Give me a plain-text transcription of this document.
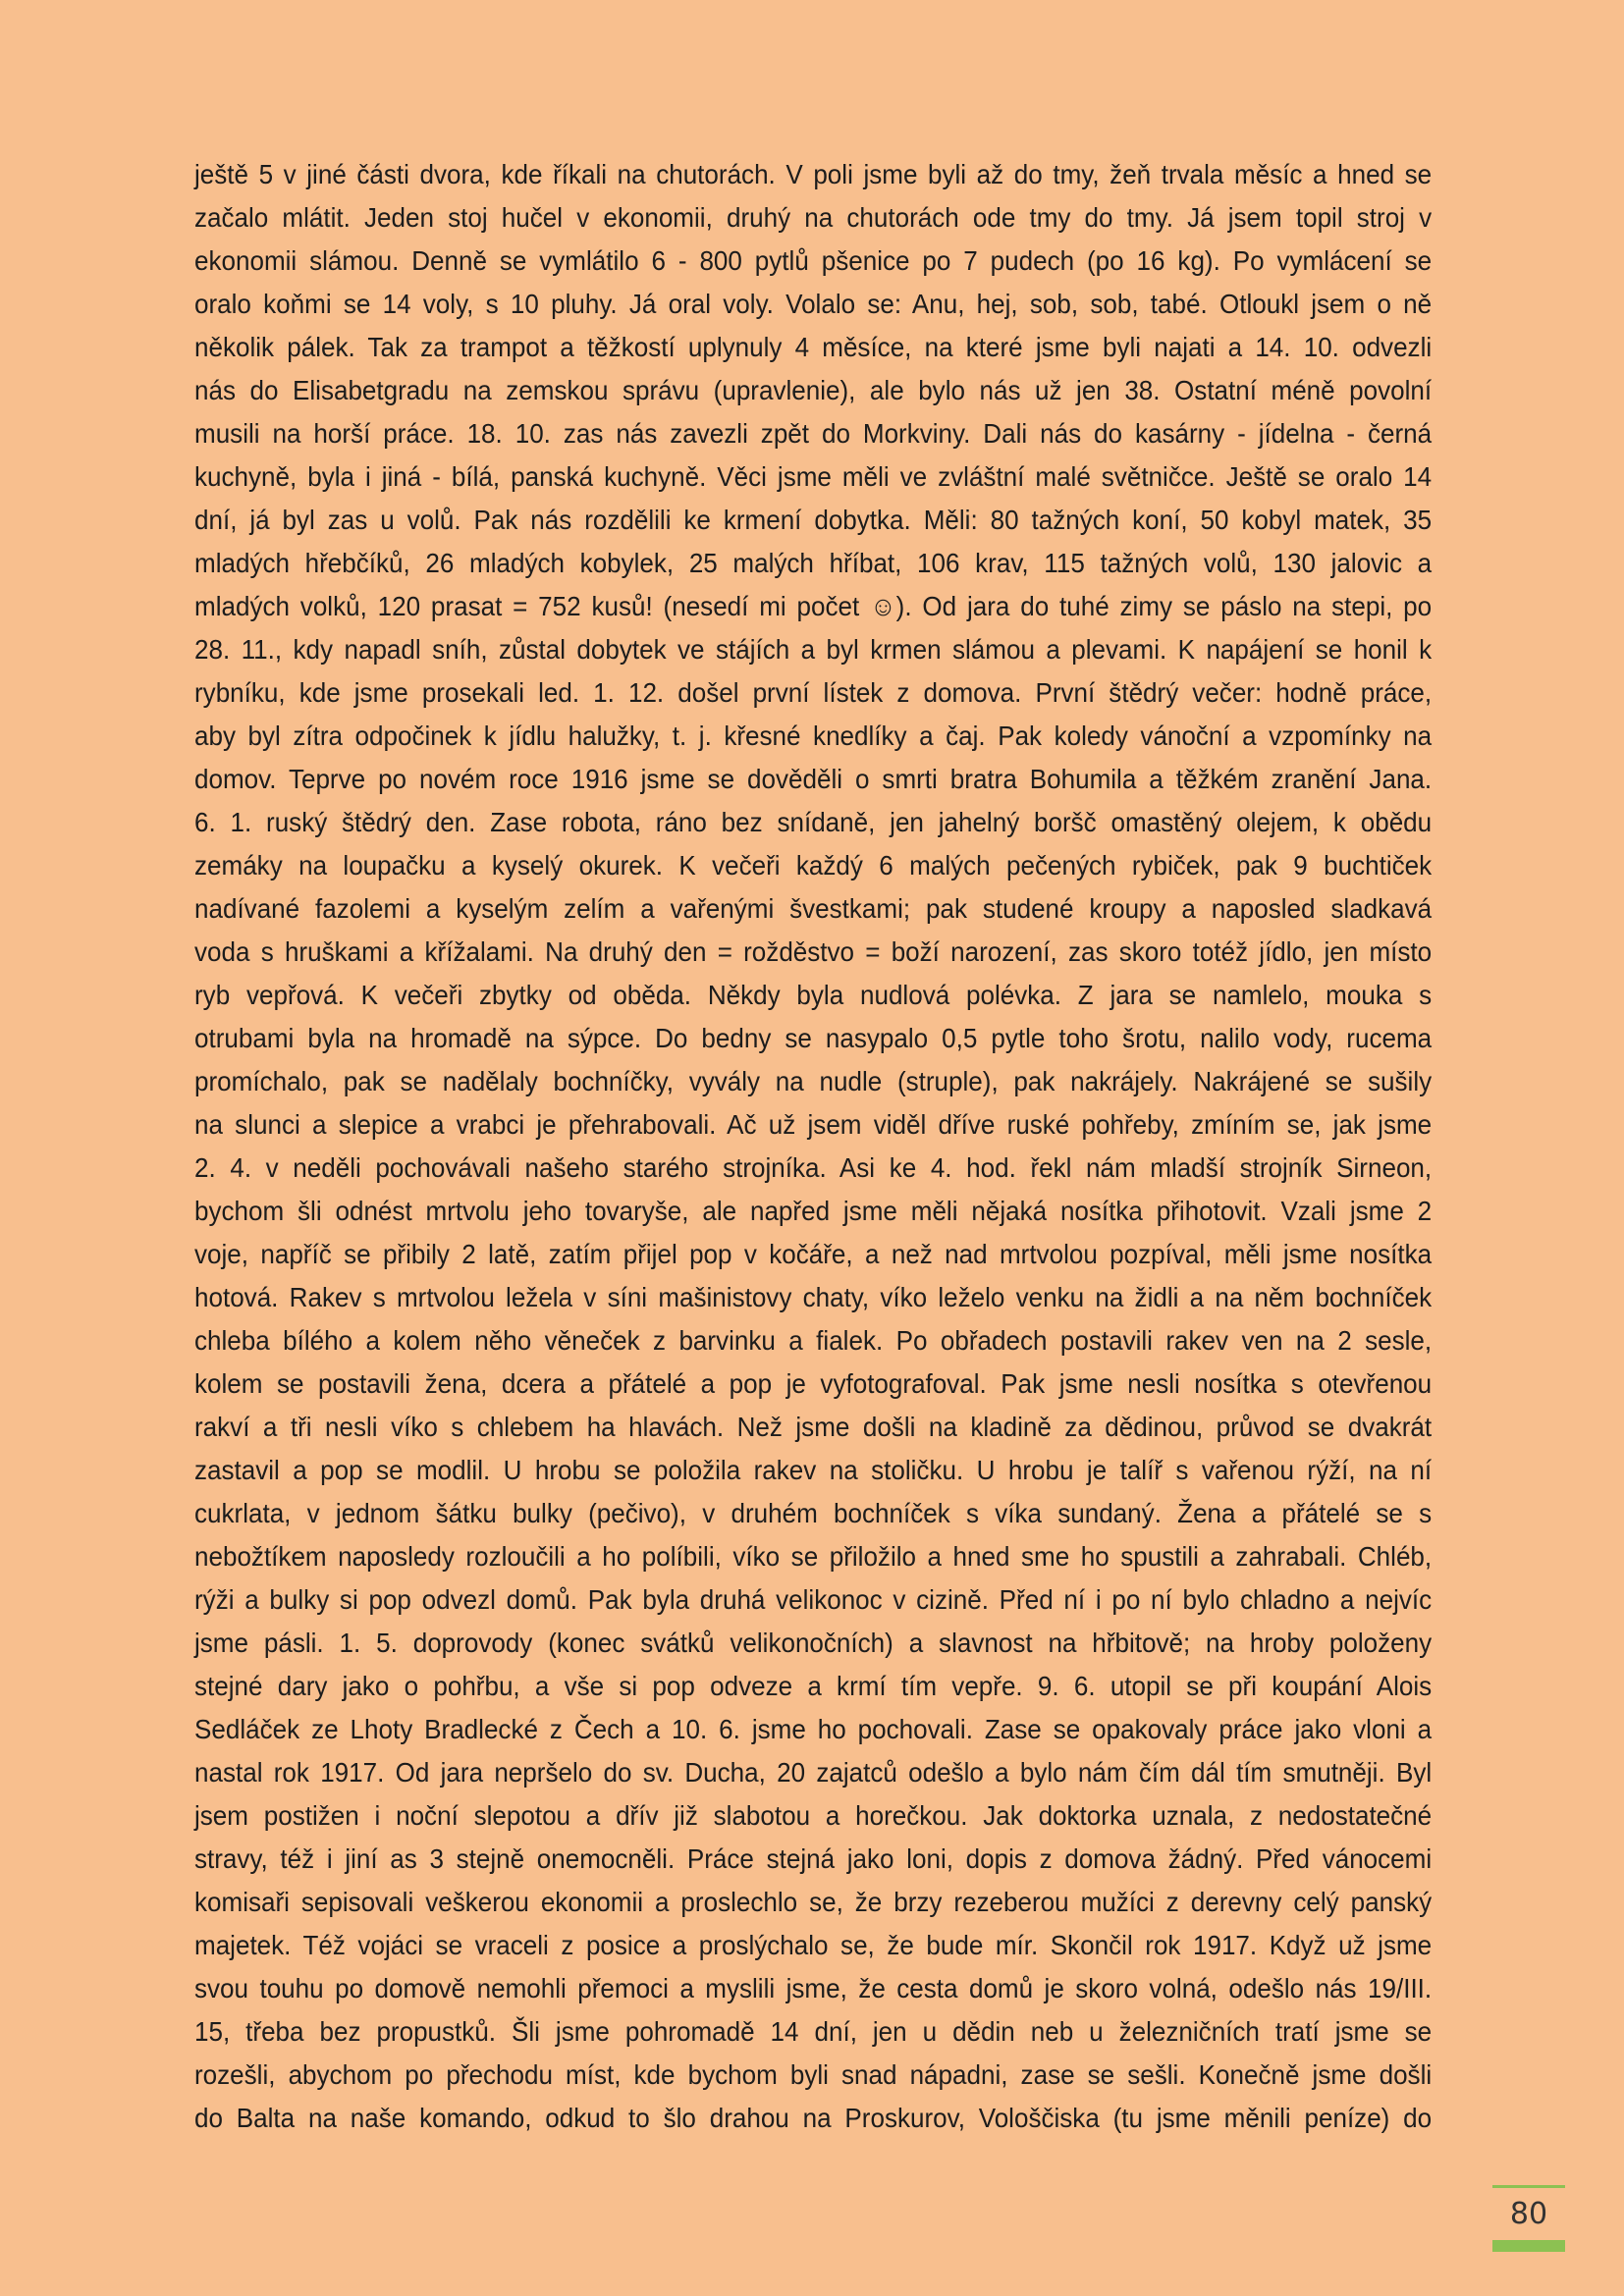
ještě 5 v jiné části dvora, kde říkali na chutorách. V poli jsme byli až do tmy, žeň trvala měsíc a hned se
začalo mlátit. Jeden stoj hučel v ekonomii, druhý na chutorách ode tmy do tmy. Já jsem topil stroj v
ekonomii slámou. Denně se vymlátilo 6 - 800 pytlů pšenice po 7 pudech (po 16 kg). Po vymlácení se
oralo koňmi se 14 voly, s 10 pluhy. Já oral voly. Volalo se: Anu, hej, sob, sob, tabé. Otloukl jsem o ně
několik pálek. Tak za trampot a těžkostí uplynuly 4 měsíce, na které jsme byli najati a 14. 10. odvezli
nás do Elisabetgradu na zemskou správu (upravlenie), ale bylo nás už jen 38. Ostatní méně povolní
musili na horší práce. 18. 10. zas nás zavezli zpět do Morkviny. Dali nás do kasárny - jídelna - černá
kuchyně, byla i jiná - bílá, panská kuchyně. Věci jsme měli ve zvláštní malé světničce. Ještě se oralo 14
dní, já byl zas u volů. Pak nás rozdělili ke krmení dobytka. Měli: 80 tažných koní, 50 kobyl matek, 35
mladých hřebčíků, 26 mladých kobylek, 25 malých hříbat, 106 krav, 115 tažných volů, 130 jalovic a
mladých volků, 120 prasat = 752 kusů! (nesedí mi počet ☺). Od jara do tuhé zimy se páslo na stepi, po
28. 11., kdy napadl sníh, zůstal dobytek ve stájích a byl krmen slámou a plevami. K napájení se honil k
rybníku, kde jsme prosekali led. 1. 12. došel první lístek z domova. První štědrý večer: hodně práce,
aby byl zítra odpočinek k jídlu halužky, t. j. křesné knedlíky a čaj. Pak koledy vánoční a vzpomínky na
domov. Teprve po novém roce 1916 jsme se dověděli o smrti bratra Bohumila a těžkém zranění Jana.
6. 1. ruský štědrý den. Zase robota, ráno bez snídaně, jen jahelný boršč omastěný olejem, k obědu
zemáky na loupačku a kyselý okurek. K večeři každý 6 malých pečených rybiček, pak 9 buchtiček
nadívané fazolemi a kyselým zelím a vařenými švestkami; pak studené kroupy a naposled sladkavá
voda s hruškami a křížalami. Na druhý den = rožděstvo = boží narození, zas skoro totéž jídlo, jen místo
ryb vepřová. K večeři zbytky od oběda. Někdy byla nudlová polévka. Z jara se namlelo, mouka s
otrubami byla na hromadě na sýpce. Do bedny se nasypalo 0,5 pytle toho šrotu, nalilo vody, rucema
promíchalo, pak se nadělaly bochníčky, vyvály na nudle (struple), pak nakrájely. Nakrájené se sušily
na slunci a slepice a vrabci je přehrabovali. Ač už jsem viděl dříve ruské pohřeby, zmíním se, jak jsme
2. 4. v neděli pochovávali našeho starého strojníka. Asi ke 4. hod. řekl nám mladší strojník Sirneon,
bychom šli odnést mrtvolu jeho tovaryše, ale napřed jsme měli nějaká nosítka přihotovit. Vzali jsme 2
voje, napříč se přibily 2 latě, zatím přijel pop v kočáře, a než nad mrtvolou pozpíval, měli jsme nosítka
hotová. Rakev s mrtvolou ležela v síni mašinistovy chaty, víko leželo venku na židli a na něm bochníček
chleba bílého a kolem něho věneček z barvinku a fialek. Po obřadech postavili rakev ven na 2 sesle,
kolem se postavili žena, dcera a přátelé a pop je vyfotografoval. Pak jsme nesli nosítka s otevřenou
rakví a tři nesli víko s chlebem ha hlavách. Než jsme došli na kladině za dědinou, průvod se dvakrát
zastavil a pop se modlil. U hrobu se položila rakev na stoličku. U hrobu je talíř s vařenou rýží, na ní
cukrlata, v jednom šátku bulky (pečivo), v druhém bochníček s víka sundaný. Žena a přátelé se s
nebožtíkem naposledy rozloučili a ho políbili, víko se přiložilo a hned sme ho spustili a zahrabali. Chléb,
rýži a bulky si pop odvezl domů. Pak byla druhá velikonoc v cizině. Před ní i po ní bylo chladno a nejvíc
jsme pásli. 1. 5. doprovody (konec svátků velikonočních) a slavnost na hřbitově; na hroby položeny
stejné dary jako o pohřbu, a vše si pop odveze a krmí tím vepře. 9. 6. utopil se při koupání Alois
Sedláček ze Lhoty Bradlecké z Čech a 10. 6. jsme ho pochovali. Zase se opakovaly práce jako vloni a
nastal rok 1917. Od jara nepršelo do sv. Ducha, 20 zajatců odešlo a bylo nám čím dál tím smutněji. Byl
jsem postižen i noční slepotou a dřív již slabotou a horečkou. Jak doktorka uznala, z nedostatečné
stravy, též i jiní as 3 stejně onemocněli. Práce stejná jako loni, dopis z domova žádný. Před vánocemi
komisaři sepisovali veškerou ekonomii a proslechlo se, že brzy rezeberou mužíci z derevny celý panský
majetek. Též vojáci se vraceli z posice a proslýchalo se, že bude mír. Skončil rok 1917. Když už jsme
svou touhu po domově nemohli přemoci a myslili jsme, že cesta domů je skoro volná, odešlo nás 19/III.
15, třeba bez propustků. Šli jsme pohromadě 14 dní, jen u dědin neb u železničních tratí jsme se
rozešli, abychom po přechodu míst, kde bychom byli snad nápadni, zase se sešli. Konečně jsme došli
do Balta na naše komando, odkud to šlo drahou na Proskurov, Vološčiska (tu jsme měnili peníze) do
80
